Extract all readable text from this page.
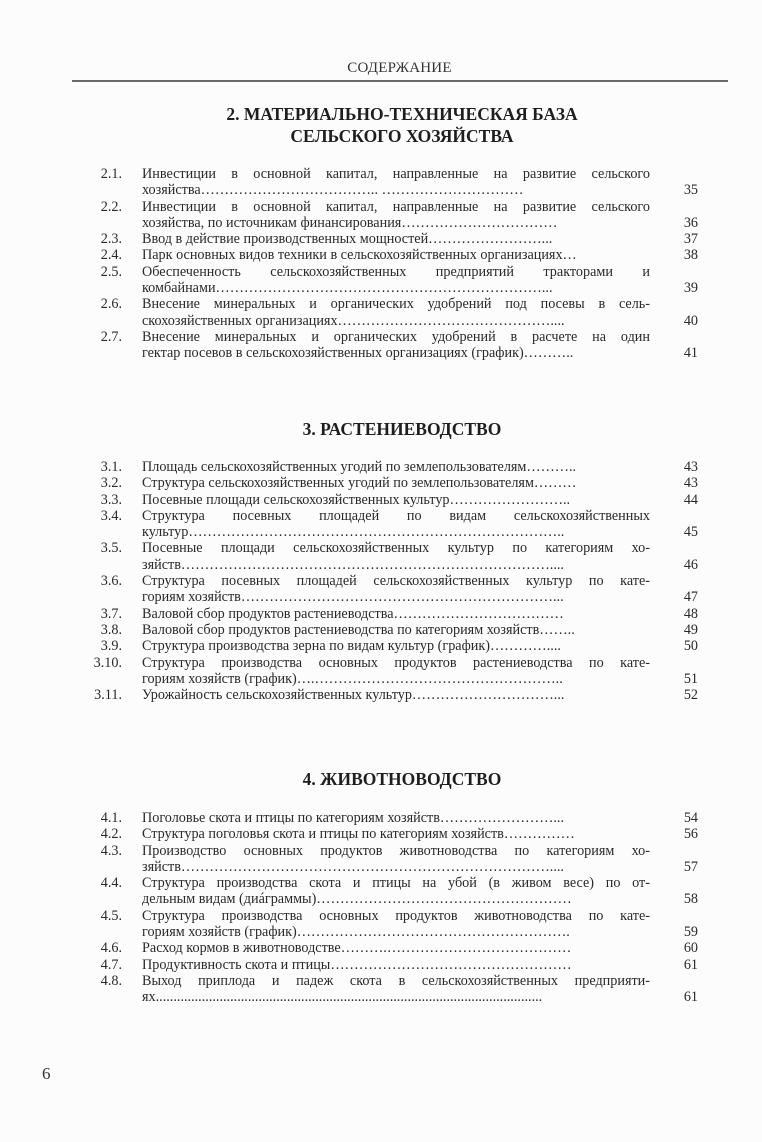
СОДЕРЖАНИЕ
2. МАТЕРИАЛЬНО-ТЕХНИЧЕСКАЯ БАЗА
СЕЛЬСКОГО ХОЗЯЙСТВА
2.1. Инвестиции в основной капитал, направленные на развитие сельского
хозяйства……………………………….. …………………………	35
2.2. Инвестиции в основной капитал, направленные на развитие сельского
хозяйства, по источникам финансирования……………………………	36
2.3. Ввод в действие производственных мощностей……………………...	37
2.4. Парк основных видов техники в сельскохозяйственных организациях…	38
2.5. Обеспеченность сельскохозяйственных предприятий тракторами и
комбайнами……………………………………………………………...	39
2.6. Внесение минеральных и органических удобрений под посевы в сель-
скохозяйственных организациях………………………………………....	40
2.7. Внесение минеральных и органических удобрений в расчете на один
гектар посевов в сельскохозяйственных организациях (график)………..	41
3. РАСТЕНИЕВОДСТВО
3.1. Площадь сельскохозяйственных угодий по землепользователям………..	43
3.2. Структура сельскохозяйственных угодий по землепользователям………	43
3.3. Посевные площади сельскохозяйственных культур……………………..	44
3.4. Структура посевных площадей по видам сельскохозяйственных
культур……………………………………………………………………..	45
3.5. Посевные площади сельскохозяйственных культур по категориям хо-
зяйств……………………………………………………………………....	46
3.6. Структура посевных площадей сельскохозяйственных культур по кате-
гориям хозяйств…………………………………………………………...	47
3.7. Валовой сбор продуктов растениеводства………………………………	48
3.8. Валовой сбор продуктов растениеводства по категориям хозяйств……..	49
3.9. Структура производства зерна по видам культур (график)…………....	50
3.10. Структура производства основных продуктов растениеводства по кате-
гориям хозяйств (график)….……………………………………………..	51
3.11. Урожайность сельскохозяйственных культур…………………………...	52
4. ЖИВОТНОВОДСТВО
4.1. Поголовье скота и птицы по категориям хозяйств……………………...	54
4.2. Структура поголовья скота и птицы по категориям хозяйств……………	56
4.3. Производство основных продуктов животноводства по категориям хо-
зяйств……………………………………………………………………....	57
4.4. Структура производства скота и птицы на убой (в живом весе) по от-
дельным видам (диáграммы)………………………………………………	58
4.5. Структура производства основных продуктов животноводства по кате-
гориям хозяйств (график)………………………………………………….	59
4.6. Расход кормов в животноводстве……….…………………………………	60
4.7. Продуктивность скота и птицы……………………………………………	61
4.8. Выход приплода и падеж скота в сельскохозяйственных предприяти-
ях.............................................................................................................	61
6
